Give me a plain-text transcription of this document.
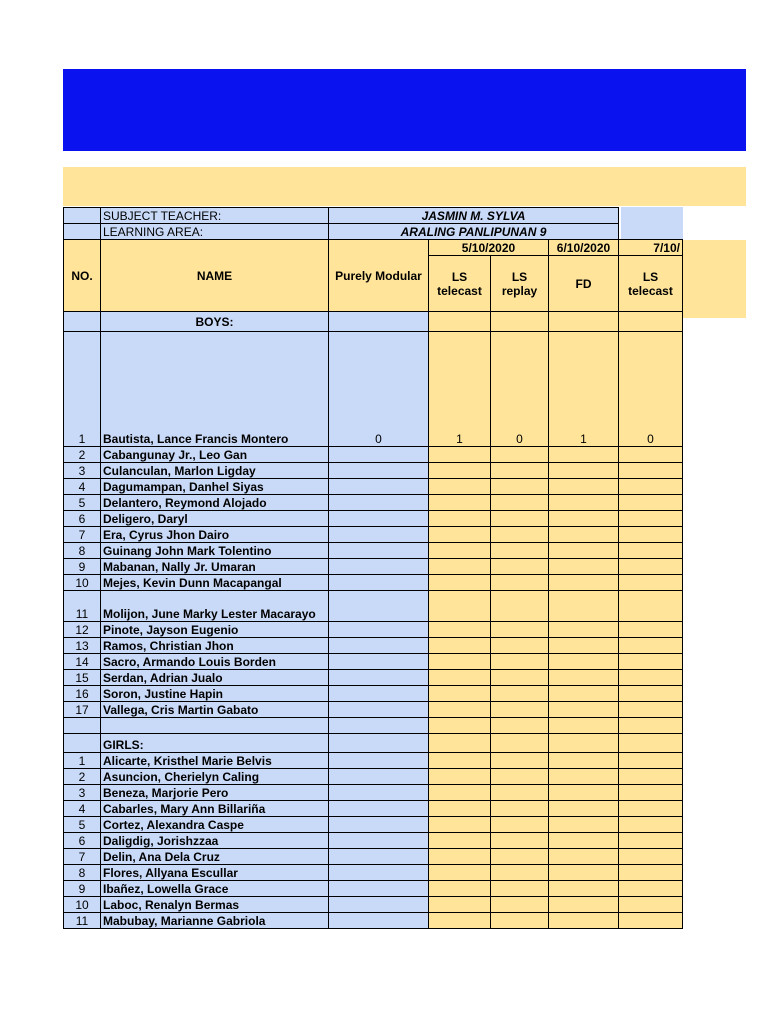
	SUBJECT TEACHER:	JASMIN M. SYLVA				
	LEARNING AREA:	ARALING PANLIPUNAN 9				
NO.	NAME	Purely Modular	5/10/2020		6/10/2020	7/10/
			LS telecast	LS replay	FD	LS telecast
	BOYS:					
1	Bautista, Lance Francis Montero	0	1	0	1	0
2	Cabangunay Jr., Leo Gan					
3	Culanculan, Marlon Ligday					
4	Dagumampan, Danhel Siyas					
5	Delantero, Reymond Alojado					
6	Deligero, Daryl					
7	Era, Cyrus Jhon Dairo					
8	Guinang John Mark Tolentino					
9	Mabanan, Nally Jr. Umaran					
10	Mejes, Kevin Dunn Macapangal					
11	Molijon, June Marky Lester Macarayo					
12	Pinote, Jayson Eugenio					
13	Ramos, Christian Jhon					
14	Sacro, Armando Louis Borden					
15	Serdan, Adrian Jualo					
16	Soron, Justine Hapin					
17	Vallega, Cris Martin Gabato					

	GIRLS:					
1	Alicarte, Kristhel Marie Belvis					
2	Asuncion, Cherielyn Caling					
3	Beneza, Marjorie Pero					
4	Cabarles, Mary Ann Billariña					
5	Cortez, Alexandra Caspe					
6	Daligdig, Jorishzzaa					
7	Delin, Ana Dela Cruz					
8	Flores, Allyana Escullar					
9	Ibañez, Lowella Grace					
10	Laboc, Renalyn Bermas					
11	Mabubay, Marianne Gabriola					
